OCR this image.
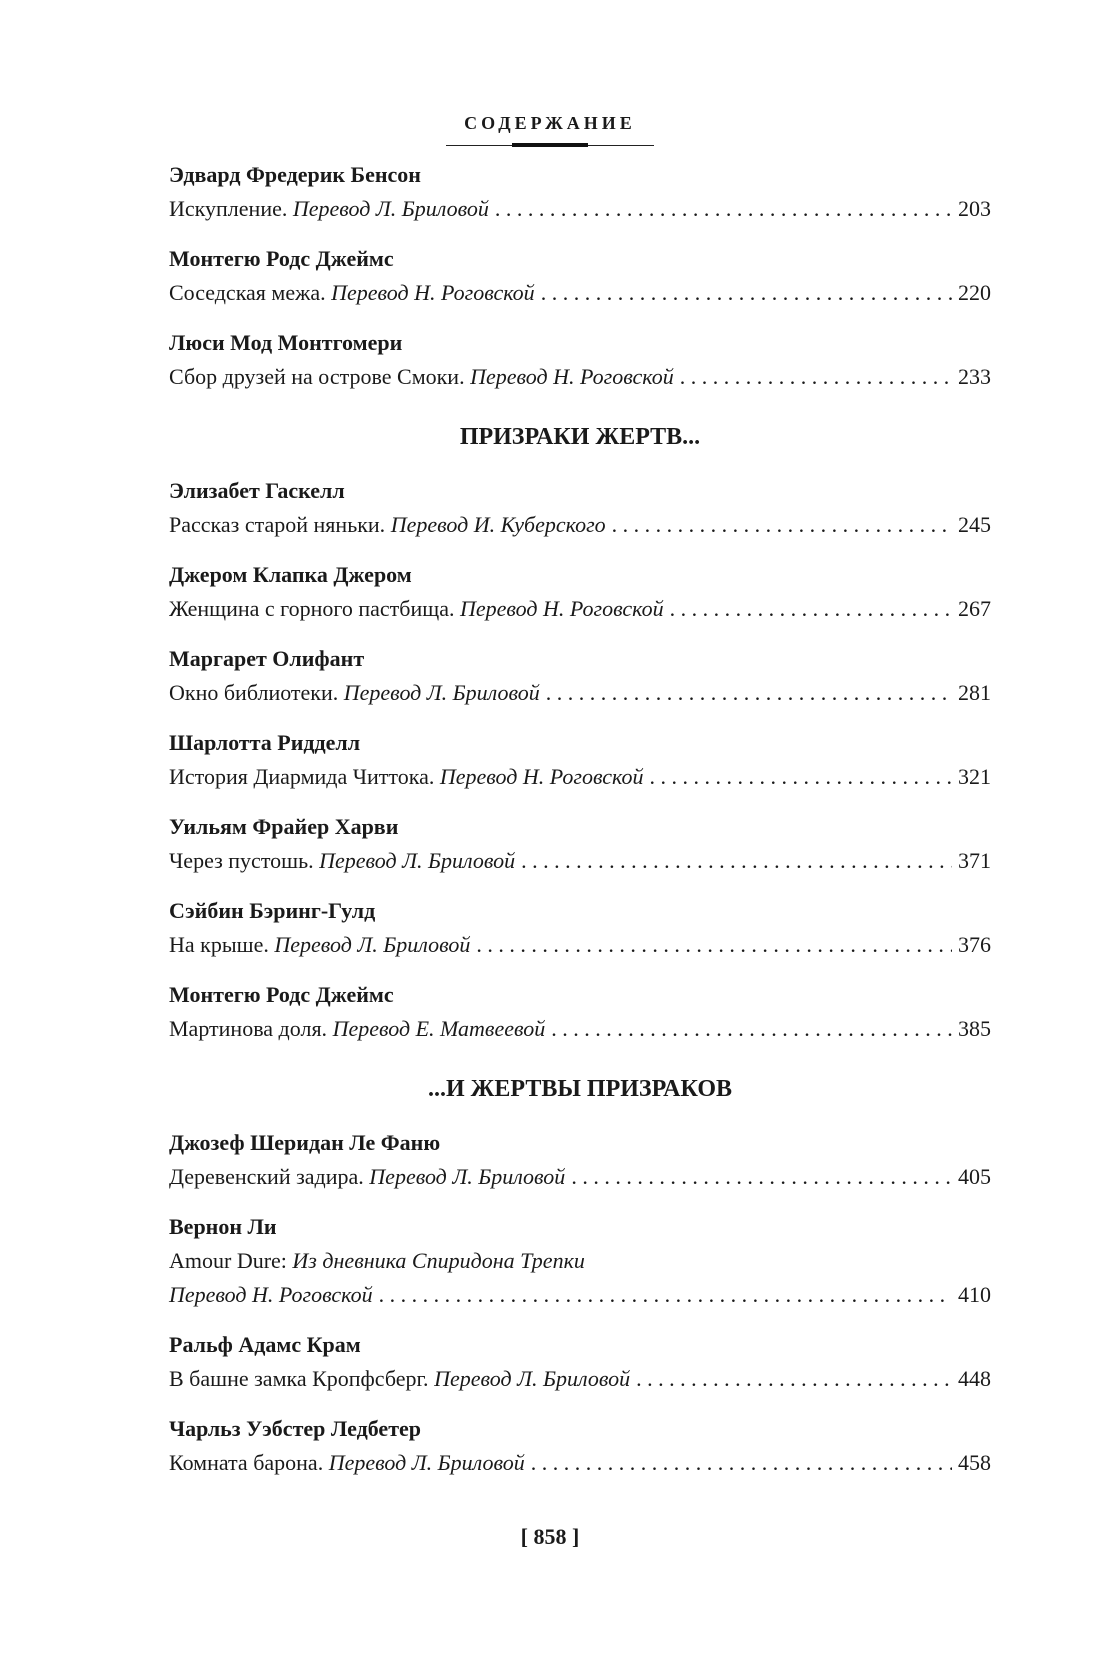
СОДЕРЖАНИЕ
Эдвард Фредерик Бенсон
Искупление. Перевод Л. Бриловой . . .	203
Монтегю Родс Джеймс
Соседская межа. Перевод Н. Роговской . . .	220
Люси Мод Монтгомери
Сбор друзей на острове Смоки. Перевод Н. Роговской . . .	233
ПРИЗРАКИ ЖЕРТВ...
Элизабет Гаскелл
Рассказ старой няньки. Перевод И. Куберского . . .	245
Джером Клапка Джером
Женщина с горного пастбища. Перевод Н. Роговской . . .	267
Маргарет Олифант
Окно библиотеки. Перевод Л. Бриловой . . .	281
Шарлотта Ридделл
История Диармида Читтока. Перевод Н. Роговской . . .	321
Уильям Фрайер Харви
Через пустошь. Перевод Л. Бриловой . . .	371
Сэйбин Бэринг-Гулд
На крыше. Перевод Л. Бриловой . . .	376
Монтегю Родс Джеймс
Мартинова доля. Перевод Е. Матвеевой . . .	385
...И ЖЕРТВЫ ПРИЗРАКОВ
Джозеф Шеридан Ле Фаню
Деревенский задира. Перевод Л. Бриловой . . .	405
Вернон Ли
Amour Dure:
Из дневника Спиридона Трепки
Перевод Н. Роговской . . .	410
Ральф Адамс Крам
В башне замка Кропфсберг. Перевод Л. Бриловой . . .	448
Чарльз Уэбстер Ледбетер
Комната барона. Перевод Л. Бриловой . . .	458
[ 858 ]
